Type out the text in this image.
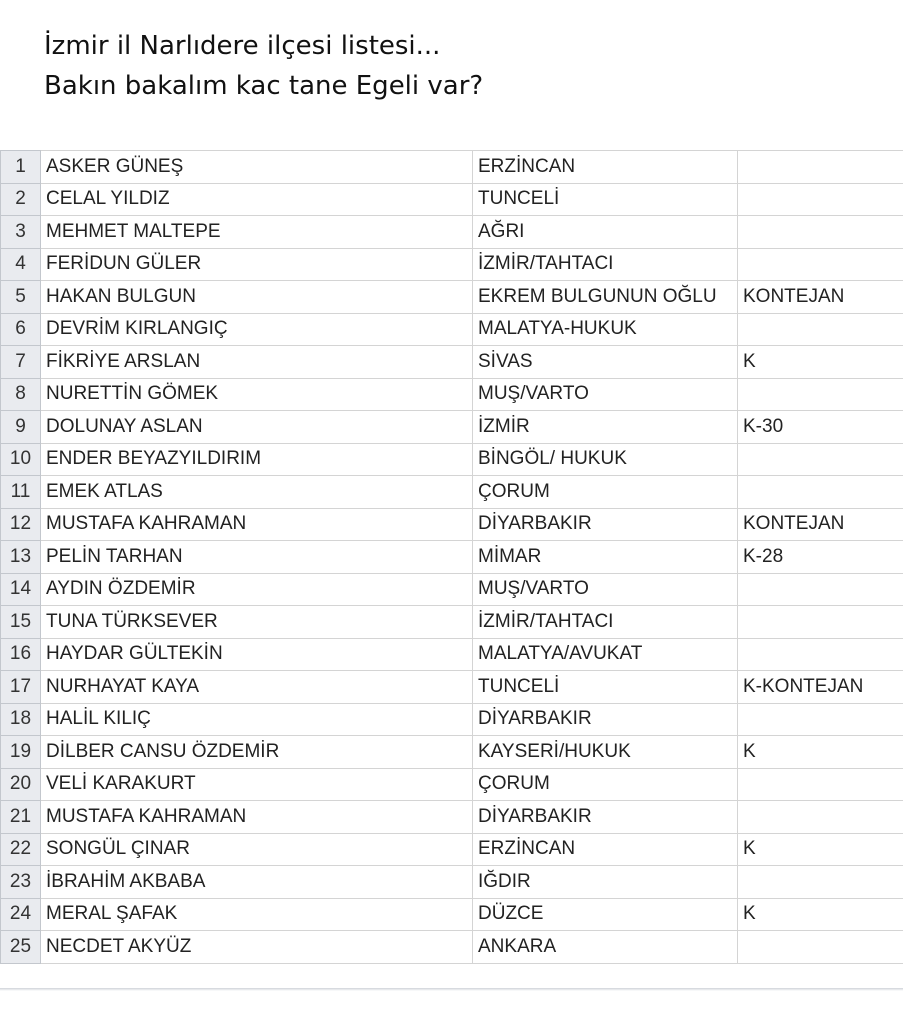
İzmir il Narlıdere ilçesi listesi...
Bakın bakalım kac tane Egeli var?
1	ASKER GÜNEŞ	ERZİNCAN	
2	CELAL YILDIZ	TUNCELİ	
3	MEHMET MALTEPE	AĞRI	
4	FERİDUN GÜLER	İZMİR/TAHTACI	
5	HAKAN BULGUN	EKREM BULGUNUN OĞLU	KONTEJAN
6	DEVRİM KIRLANGIÇ	MALATYA-HUKUK	
7	FİKRİYE ARSLAN	SİVAS	K
8	NURETTİN GÖMEK	MUŞ/VARTO	
9	DOLUNAY ASLAN	İZMİR	K-30
10	ENDER BEYAZYILDIRIM	BİNGÖL/ HUKUK	
11	EMEK ATLAS	ÇORUM	
12	MUSTAFA KAHRAMAN	DİYARBAKIR	KONTEJAN
13	PELİN TARHAN	MİMAR	K-28
14	AYDIN ÖZDEMİR	MUŞ/VARTO	
15	TUNA TÜRKSEVER	İZMİR/TAHTACI	
16	HAYDAR GÜLTEKİN	MALATYA/AVUKAT	
17	NURHAYAT KAYA	TUNCELİ	K-KONTEJAN
18	HALİL KILIÇ	DİYARBAKIR	
19	DİLBER CANSU ÖZDEMİR	KAYSERİ/HUKUK	K
20	VELİ KARAKURT	ÇORUM	
21	MUSTAFA KAHRAMAN	DİYARBAKIR	
22	SONGÜL ÇINAR	ERZİNCAN	K
23	İBRAHİM AKBABA	IĞDIR	
24	MERAL ŞAFAK	DÜZCE	K
25	NECDET AKYÜZ	ANKARA	
